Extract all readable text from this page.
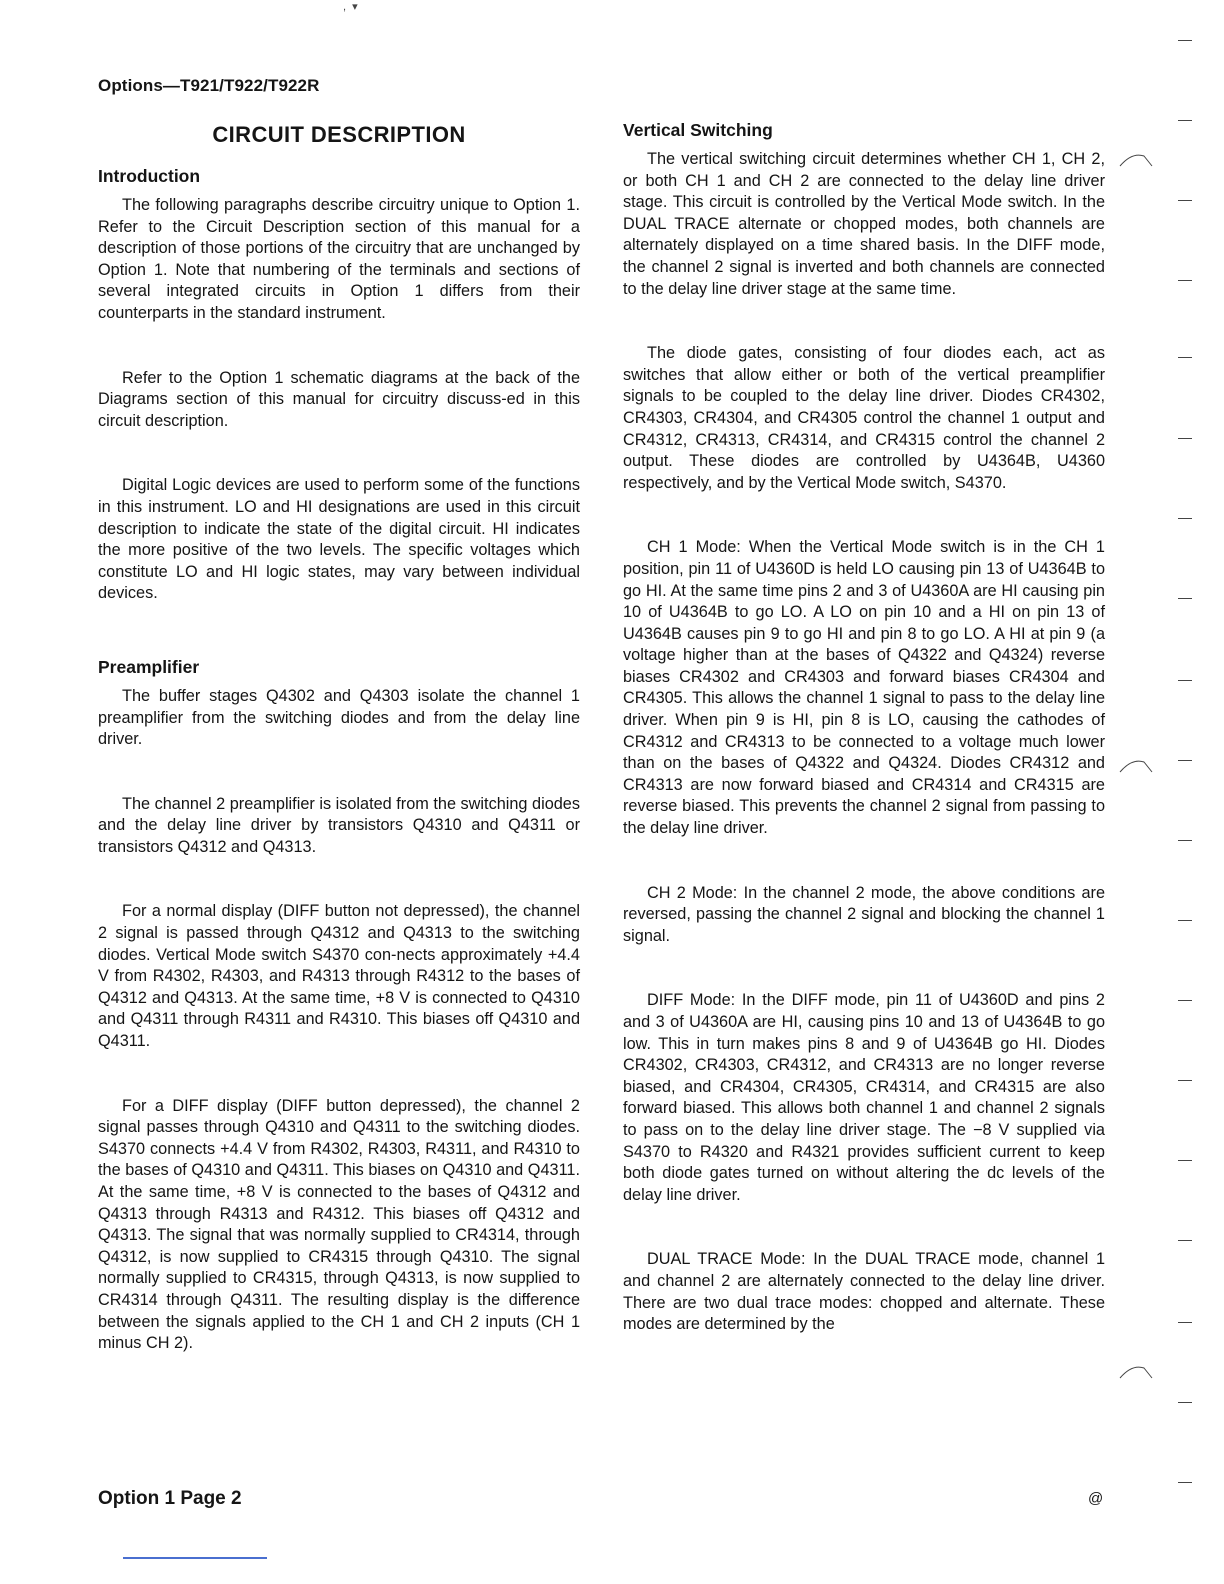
,  ▾
Options—T921/T922/T922R
CIRCUIT DESCRIPTION
Introduction

The following paragraphs describe circuitry unique to Option 1. Refer to the Circuit Description section of this manual for a description of those portions of the circuitry that are unchanged by Option 1. Note that numbering of the terminals and sections of several integrated circuits in Option 1 differs from their counterparts in the standard instrument.

Refer to the Option 1 schematic diagrams at the back of the Diagrams section of this manual for circuitry discuss-ed in this circuit description.

Digital Logic devices are used to perform some of the functions in this instrument. LO and HI designations are used in this circuit description to indicate the state of the digital circuit. HI indicates the more positive of the two levels. The specific voltages which constitute LO and HI logic states, may vary between individual devices.

Preamplifier

The buffer stages Q4302 and Q4303 isolate the channel 1 preamplifier from the switching diodes and from the delay line driver.

The channel 2 preamplifier is isolated from the switching diodes and the delay line driver by transistors Q4310 and Q4311 or transistors Q4312 and Q4313.

For a normal display (DIFF button not depressed), the channel 2 signal is passed through Q4312 and Q4313 to the switching diodes. Vertical Mode switch S4370 con-nects approximately +4.4 V from R4302, R4303, and R4313 through R4312 to the bases of Q4312 and Q4313. At the same time, +8 V is connected to Q4310 and Q4311 through R4311 and R4310. This biases off Q4310 and Q4311.

For a DIFF display (DIFF button depressed), the channel 2 signal passes through Q4310 and Q4311 to the switching diodes. S4370 connects +4.4 V from R4302, R4303, R4311, and R4310 to the bases of Q4310 and Q4311. This biases on Q4310 and Q4311. At the same time, +8 V is connected to the bases of Q4312 and Q4313 through R4313 and R4312. This biases off Q4312 and Q4313. The signal that was normally supplied to CR4314, through Q4312, is now supplied to CR4315 through Q4310. The signal normally supplied to CR4315, through Q4313, is now supplied to CR4314 through Q4311. The resulting display is the difference between the signals applied to the CH 1 and CH 2 inputs (CH 1 minus CH 2).

Vertical Switching

The vertical switching circuit determines whether CH 1, CH 2, or both CH 1 and CH 2 are connected to the delay line driver stage. This circuit is controlled by the Vertical Mode switch. In the DUAL TRACE alternate or chopped modes, both channels are alternately displayed on a time shared basis. In the DIFF mode, the channel 2 signal is inverted and both channels are connected to the delay line driver stage at the same time.

The diode gates, consisting of four diodes each, act as switches that allow either or both of the vertical preamplifier signals to be coupled to the delay line driver. Diodes CR4302, CR4303, CR4304, and CR4305 control the channel 1 output and CR4312, CR4313, CR4314, and CR4315 control the channel 2 output. These diodes are controlled by U4364B, U4360 respectively, and by the Vertical Mode switch, S4370.

CH 1 Mode: When the Vertical Mode switch is in the CH 1 position, pin 11 of U4360D is held LO causing pin 13 of U4364B to go HI. At the same time pins 2 and 3 of U4360A are HI causing pin 10 of U4364B to go LO. A LO on pin 10 and a HI on pin 13 of U4364B causes pin 9 to go HI and pin 8 to go LO. A HI at pin 9 (a voltage higher than at the bases of Q4322 and Q4324) reverse biases CR4302 and CR4303 and forward biases CR4304 and CR4305. This allows the channel 1 signal to pass to the delay line driver. When pin 9 is HI, pin 8 is LO, causing the cathodes of CR4312 and CR4313 to be connected to a voltage much lower than on the bases of Q4322 and Q4324. Diodes CR4312 and CR4313 are now forward biased and CR4314 and CR4315 are reverse biased. This prevents the channel 2 signal from passing to the delay line driver.

CH 2 Mode: In the channel 2 mode, the above conditions are reversed, passing the channel 2 signal and blocking the channel 1 signal.

DIFF Mode: In the DIFF mode, pin 11 of U4360D and pins 2 and 3 of U4360A are HI, causing pins 10 and 13 of U4364B to go low. This in turn makes pins 8 and 9 of U4364B go HI. Diodes CR4302, CR4303, CR4312, and CR4313 are no longer reverse biased, and CR4304, CR4305, CR4314, and CR4315 are also forward biased. This allows both channel 1 and channel 2 signals to pass on to the delay line driver stage. The −8 V supplied via S4370 to R4320 and R4321 provides sufficient current to keep both diode gates turned on without altering the dc levels of the delay line driver.

DUAL TRACE Mode: In the DUAL TRACE mode, channel 1 and channel 2 are alternately connected to the delay line driver. There are two dual trace modes: chopped and alternate. These modes are determined by the

Option 1 Page 2	@
